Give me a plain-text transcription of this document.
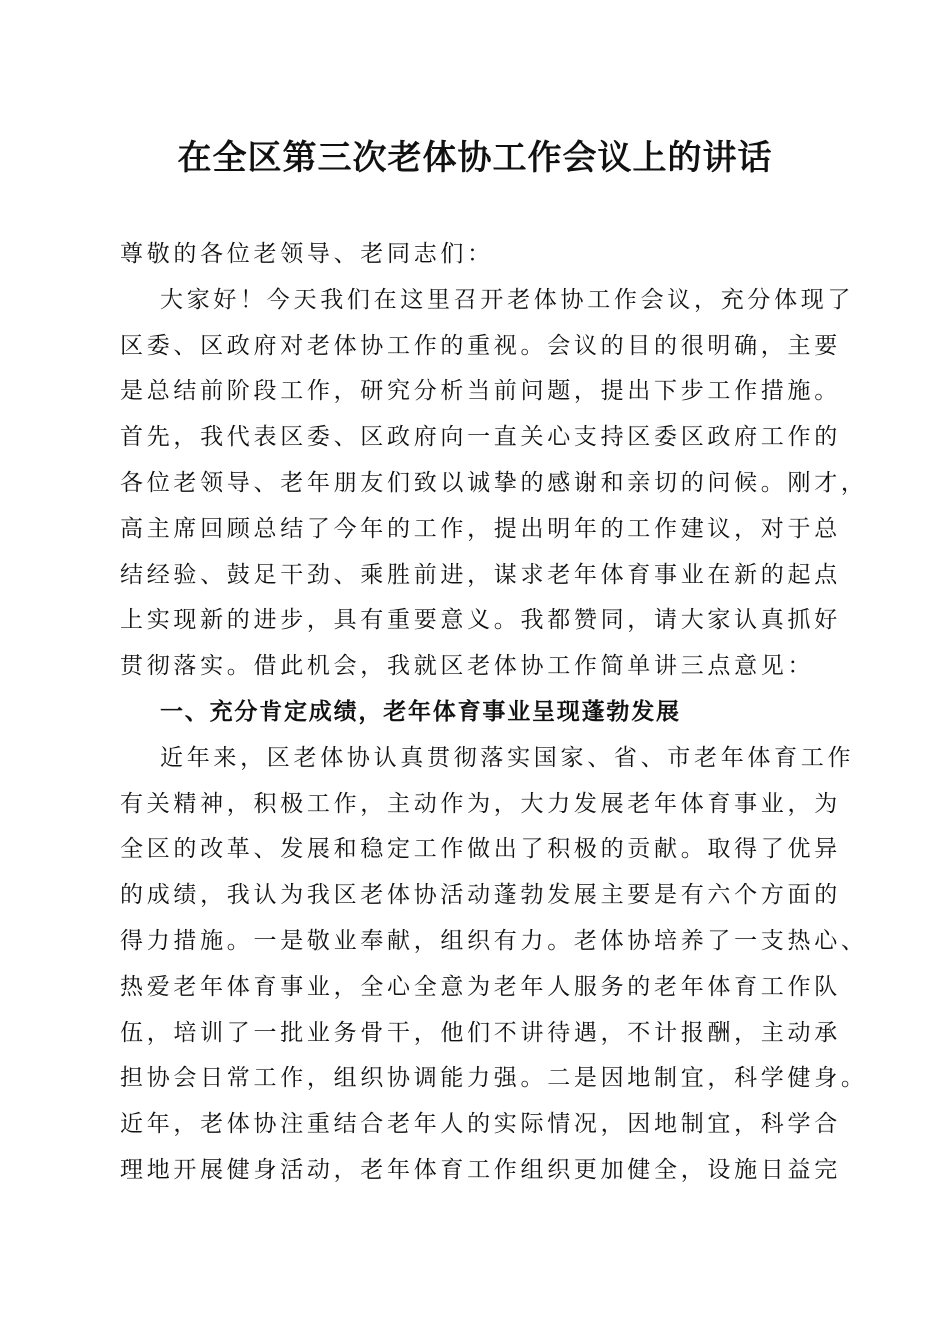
在全区第三次老体协工作会议上的讲话
尊敬的各位老领导、老同志们：
大家好！今天我们在这里召开老体协工作会议，充分体现了
区委、区政府对老体协工作的重视。会议的目的很明确，主要
是总结前阶段工作，研究分析当前问题，提出下步工作措施。
首先，我代表区委、区政府向一直关心支持区委区政府工作的
各位老领导、老年朋友们致以诚挚的感谢和亲切的问候。刚才，
高主席回顾总结了今年的工作，提出明年的工作建议，对于总
结经验、鼓足干劲、乘胜前进，谋求老年体育事业在新的起点
上实现新的进步，具有重要意义。我都赞同，请大家认真抓好
贯彻落实。借此机会，我就区老体协工作简单讲三点意见：
一、充分肯定成绩，老年体育事业呈现蓬勃发展
近年来，区老体协认真贯彻落实国家、省、市老年体育工作
有关精神，积极工作，主动作为，大力发展老年体育事业，为
全区的改革、发展和稳定工作做出了积极的贡献。取得了优异
的成绩，我认为我区老体协活动蓬勃发展主要是有六个方面的
得力措施。一是敬业奉献，组织有力。老体协培养了一支热心、
热爱老年体育事业，全心全意为老年人服务的老年体育工作队
伍，培训了一批业务骨干，他们不讲待遇，不计报酬，主动承
担协会日常工作，组织协调能力强。二是因地制宜，科学健身。
近年，老体协注重结合老年人的实际情况，因地制宜，科学合
理地开展健身活动，老年体育工作组织更加健全，设施日益完
